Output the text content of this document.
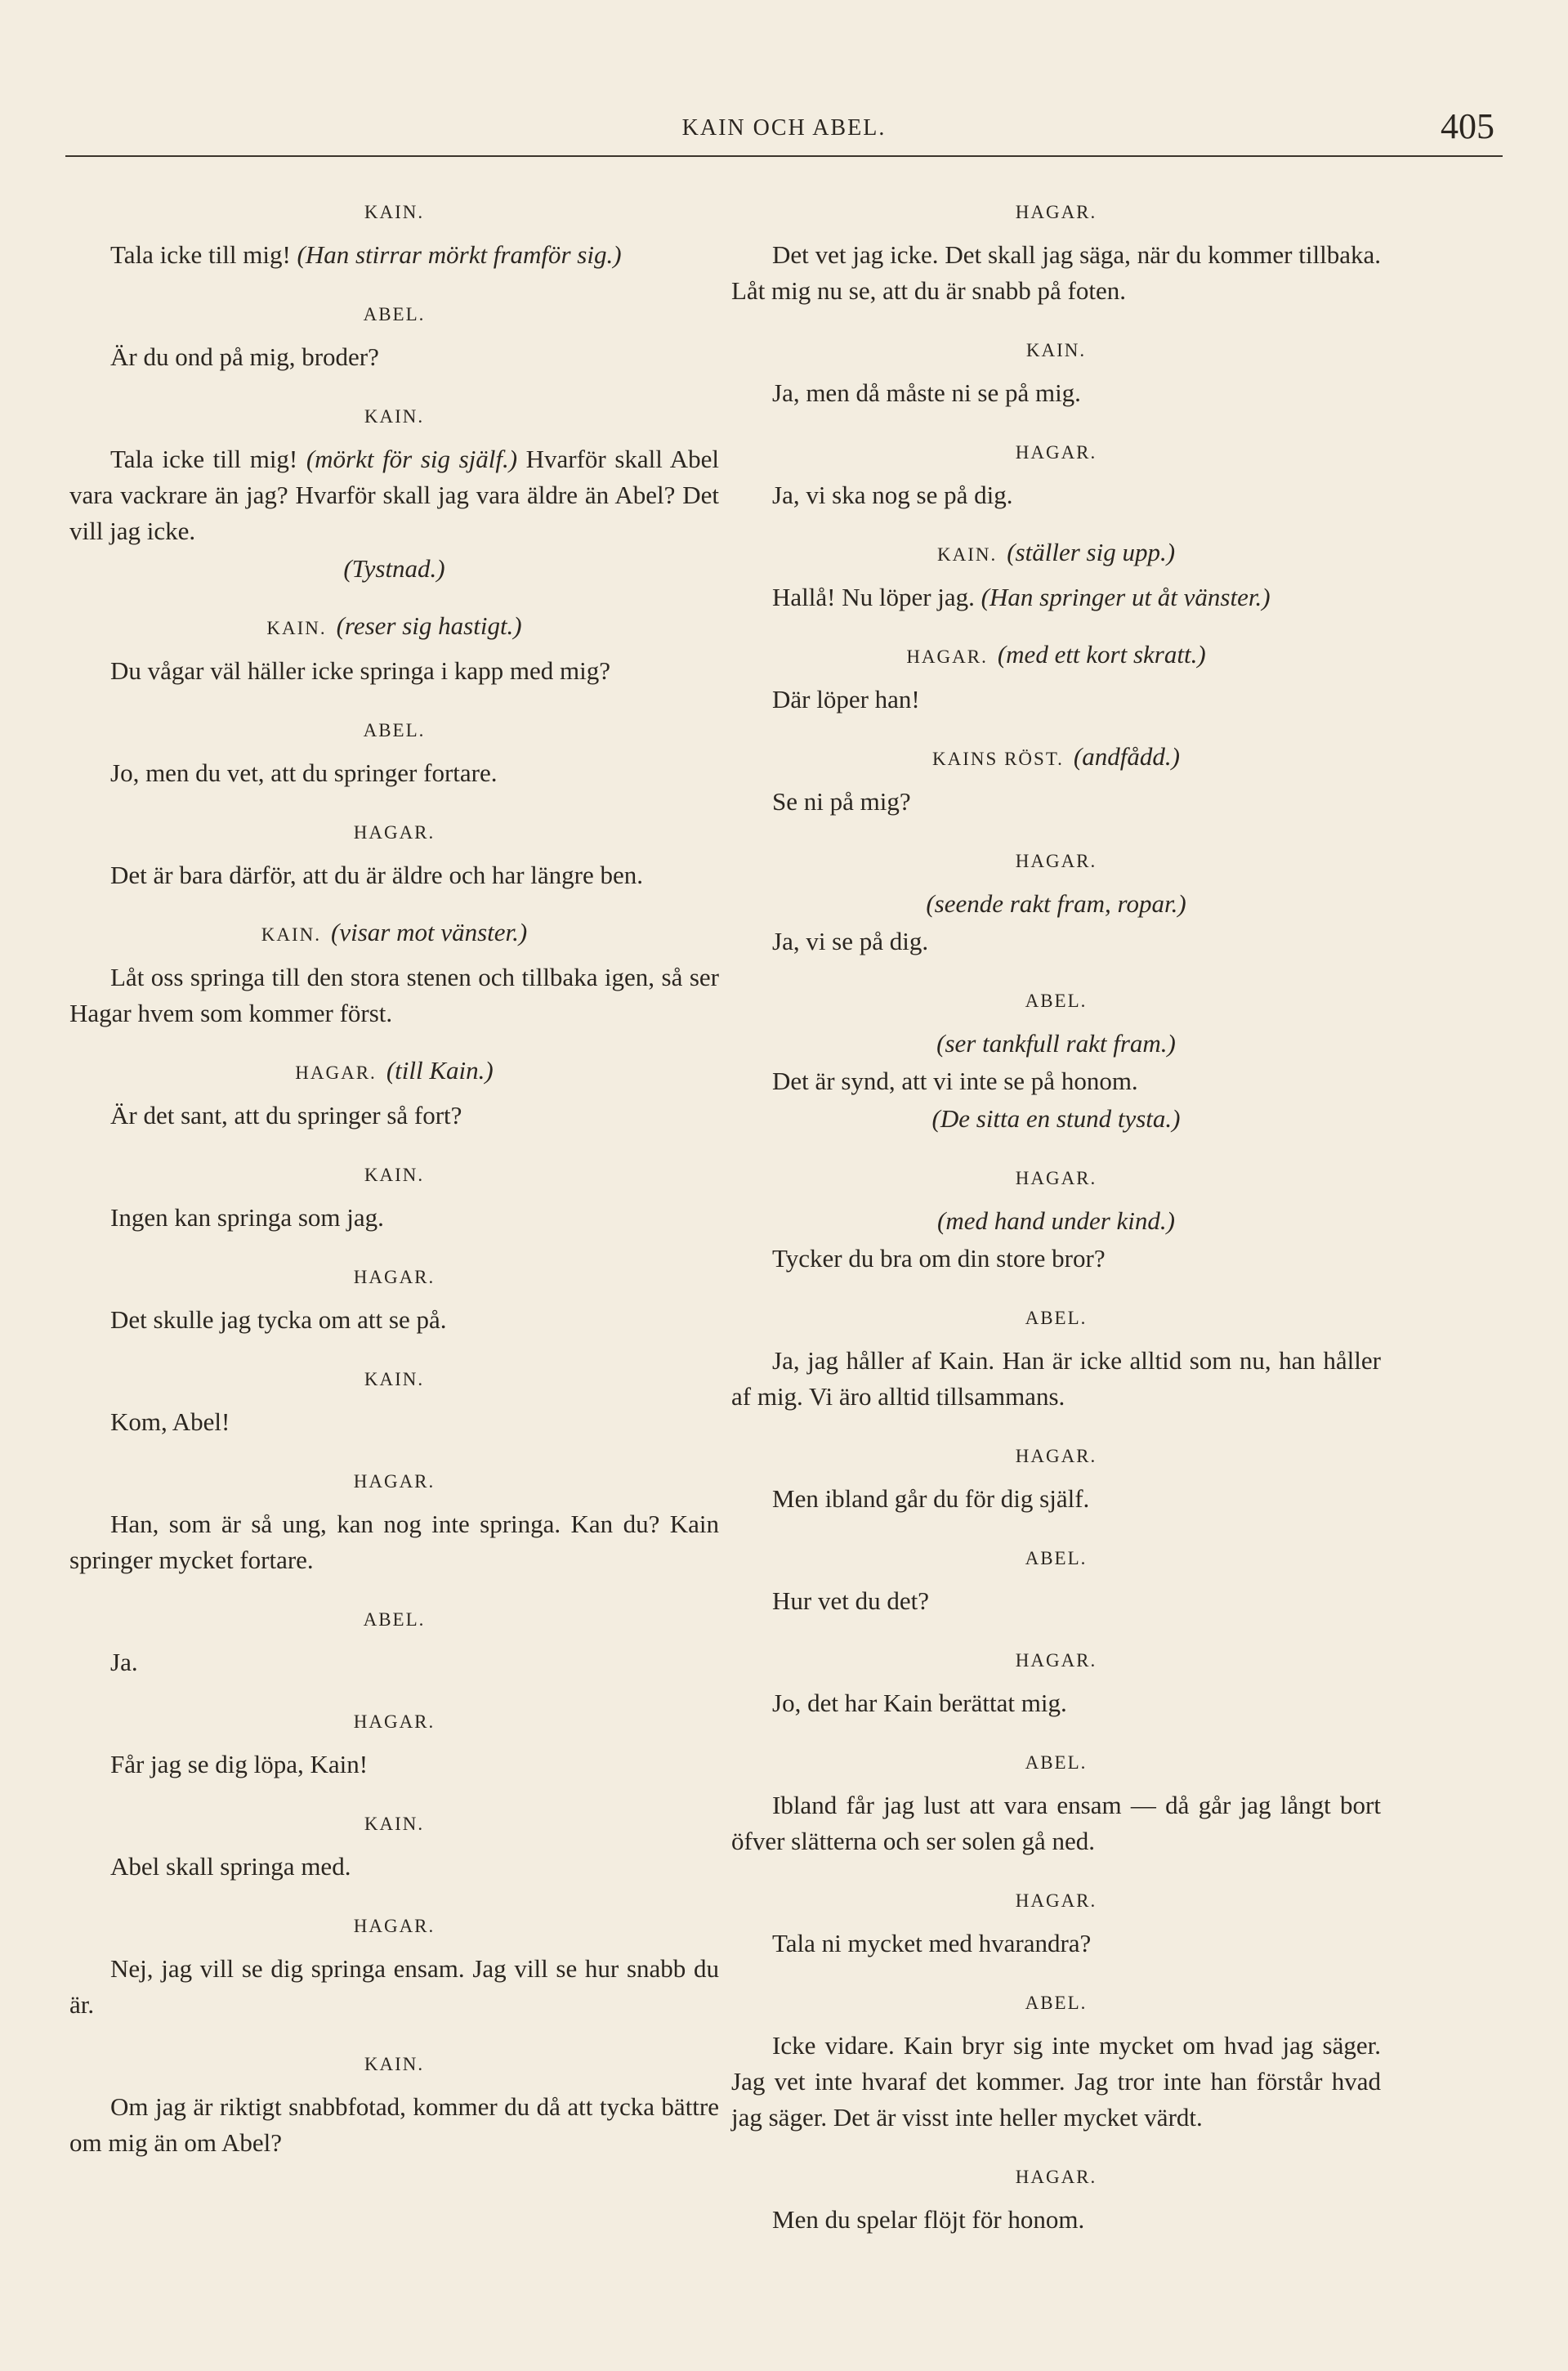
KAIN OCH ABEL.	405
KAIN.
Tala icke till mig! (Han stirrar mörkt framför sig.)
ABEL.
Är du ond på mig, broder?
KAIN.
Tala icke till mig! (mörkt för sig själf.) Hvarför skall Abel vara vackrare än jag? Hvarför skall jag vara äldre än Abel? Det vill jag icke.
(Tystnad.)
KAIN. (reser sig hastigt.)
Du vågar väl häller icke springa i kapp med mig?
ABEL.
Jo, men du vet, att du springer fortare.
HAGAR.
Det är bara därför, att du är äldre och har längre ben.
KAIN. (visar mot vänster.)
Låt oss springa till den stora stenen och tillbaka igen, så ser Hagar hvem som kommer först.
HAGAR. (till Kain.)
Är det sant, att du springer så fort?
KAIN.
Ingen kan springa som jag.
HAGAR.
Det skulle jag tycka om att se på.
KAIN.
Kom, Abel!
HAGAR.
Han, som är så ung, kan nog inte springa. Kan du? Kain springer mycket fortare.
ABEL.
Ja.
HAGAR.
Får jag se dig löpa, Kain!
KAIN.
Abel skall springa med.
HAGAR.
Nej, jag vill se dig springa ensam. Jag vill se hur snabb du är.
KAIN.
Om jag är riktigt snabbfotad, kommer du då att tycka bättre om mig än om Abel?
HAGAR.
Det vet jag icke. Det skall jag säga, när du kommer tillbaka. Låt mig nu se, att du är snabb på foten.
KAIN.
Ja, men då måste ni se på mig.
HAGAR.
Ja, vi ska nog se på dig.
KAIN. (ställer sig upp.)
Hallå! Nu löper jag. (Han springer ut åt vänster.)
HAGAR. (med ett kort skratt.)
Där löper han!
KAINS RÖST. (andfådd.)
Se ni på mig?
HAGAR.
(seende rakt fram, ropar.)
Ja, vi se på dig.
ABEL.
(ser tankfull rakt fram.)
Det är synd, att vi inte se på honom.
(De sitta en stund tysta.)
HAGAR.
(med hand under kind.)
Tycker du bra om din store bror?
ABEL.
Ja, jag håller af Kain. Han är icke alltid som nu, han håller af mig. Vi äro alltid tillsammans.
HAGAR.
Men ibland går du för dig själf.
ABEL.
Hur vet du det?
HAGAR.
Jo, det har Kain berättat mig.
ABEL.
Ibland får jag lust att vara ensam — då går jag långt bort öfver slätterna och ser solen gå ned.
HAGAR.
Tala ni mycket med hvarandra?
ABEL.
Icke vidare. Kain bryr sig inte mycket om hvad jag säger. Jag vet inte hvaraf det kommer. Jag tror inte han förstår hvad jag säger. Det är visst inte heller mycket värdt.
HAGAR.
Men du spelar flöjt för honom.
